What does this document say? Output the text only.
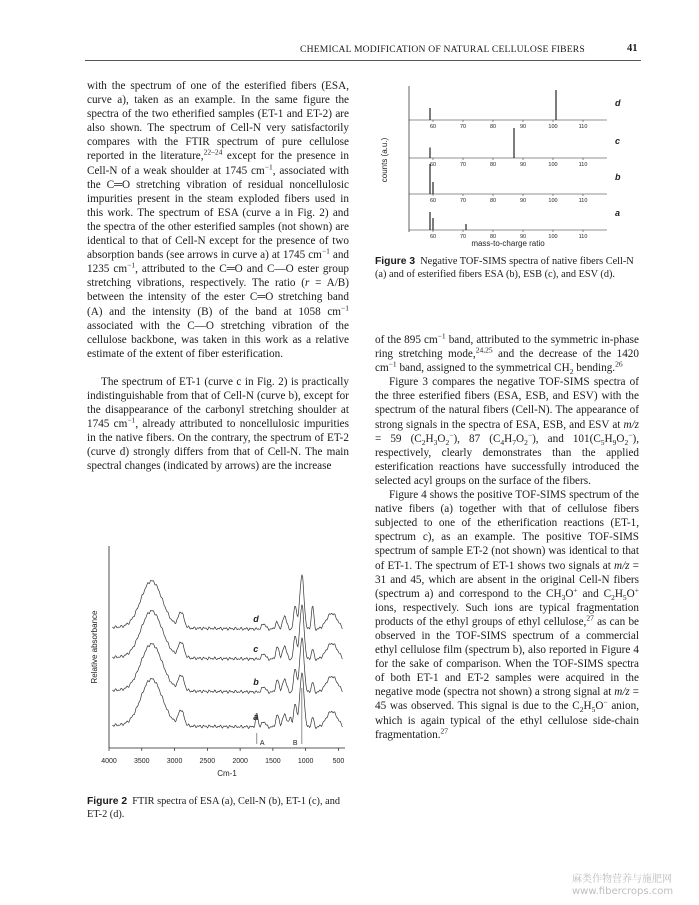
CHEMICAL MODIFICATION OF NATURAL CELLULOSE FIBERS	41

with the spectrum of one of the esterified fibers (ESA, curve a), taken as an example. In the same figure the spectra of the two etherified samples (ET-1 and ET-2) are also shown. The spectrum of Cell-N very satisfactorily compares with the FTIR spectrum of pure cellulose reported in the literature,$^{22-24}$ except for the presence in Cell-N of a weak shoulder at 1745 $cm^{-1}$, associated with the C═O stretching vibration of residual noncellulosic impurities present in the steam exploded fibers used in this work. The spectrum of ESA (curve a in Fig. 2) and the spectra of the other esterified samples (not shown) are identical to that of Cell-N except for the presence of two absorption bands (see arrows in curve a) at 1745 $cm^{-1}$ and 1235 $cm^{-1}$, attributed to the C═O and C—O ester group stretching vibrations, respectively. The ratio (r = A/B) between the intensity of the ester C═O stretching band (A) and the intensity (B) of the band at 1058 $cm^{-1}$ associated with the C—O stretching vibration of the cellulose backbone, was taken in this work as a relative estimate of the extent of fiber esterification.

The spectrum of ET-1 (curve c in Fig. 2) is practically indistinguishable from that of Cell-N (curve b), except for the disappearance of the carbonyl stretching shoulder at 1745 $cm^{-1}$, already attributed to noncellulosic impurities in the native fibers. On the contrary, the spectrum of ET-2 (curve d) strongly differs from that of Cell-N. The main spectral changes (indicated by arrows) are the increase

4000 3500 3000 2500 2000 1500 1000	500
Cm-1
Relative absorbance
a
b
c
d
A	B
Figure 2 FTIR spectra of ESA (a), Cell-N (b), ET-1 (c), and ET-2 (d).
counts (a.u.)
60	70	80	90	100	110
d
60	70	80	90	100	110
c
60	70	80	90	100	110
b
60	70	80	90	100	110
a
mass-to-charge ratio
Figure 3 Negative TOF-SIMS spectra of native fibers Cell-N (a) and of esterified fibers ESA (b), ESB (c), and ESV (d).

of the 895 $cm^{-1}$ band, attributed to the symmetric in-phase ring stretching mode,$^{24,25}$ and the decrease of the 1420 $cm^{-1}$ band, assigned to the symmetrical $CH_2$ bending.$^{26}$

Figure 3 compares the negative TOF-SIMS spectra of the three esterified fibers (ESA, ESB, and ESV) with the spectrum of the natural fibers (Cell-N). The appearance of strong signals in the spectra of ESA, ESB, and ESV at m/z = 59 $(C_2H_3O_2^-)$, 87 $(C_4H_7O_2^-)$, and $101(C_5H_9O_2^-)$, respectively, clearly demonstrates than the applied esterification reactions have successfully introduced the selected acyl groups on the surface of the fibers.

Figure 4 shows the positive TOF-SIMS spectrum of the native fibers (a) together with that of cellulose fibers subjected to one of the etherification reactions (ET-1, spectrum c), as an example. The positive TOF-SIMS spectrum of sample ET-2 (not shown) was identical to that of ET-1. The spectrum of ET-1 shows two signals at m/z = 31 and 45, which are absent in the original Cell-N fibers (spectrum a) and correspond to the $CH_3O^+$ and $C_2H_5O^+$ ions, respectively. Such ions are typical fragmentation products of the ethyl groups of ethyl cellulose,$^{27}$ as can be observed in the TOF-SIMS spectrum of a commercial ethyl cellulose film (spectrum b), also reported in Figure 4 for the sake of comparison. When the TOF-SIMS spectra of both ET-1 and ET-2 samples were acquired in the negative mode (spectra not shown) a strong signal at m/z = 45 was observed. This signal is due to the $C_2H_5O^-$ anion, which is again typical of the ethyl cellulose side-chain fragmentation.$^{27}$

麻类作物营养与施肥网
www.fibercrops.com
